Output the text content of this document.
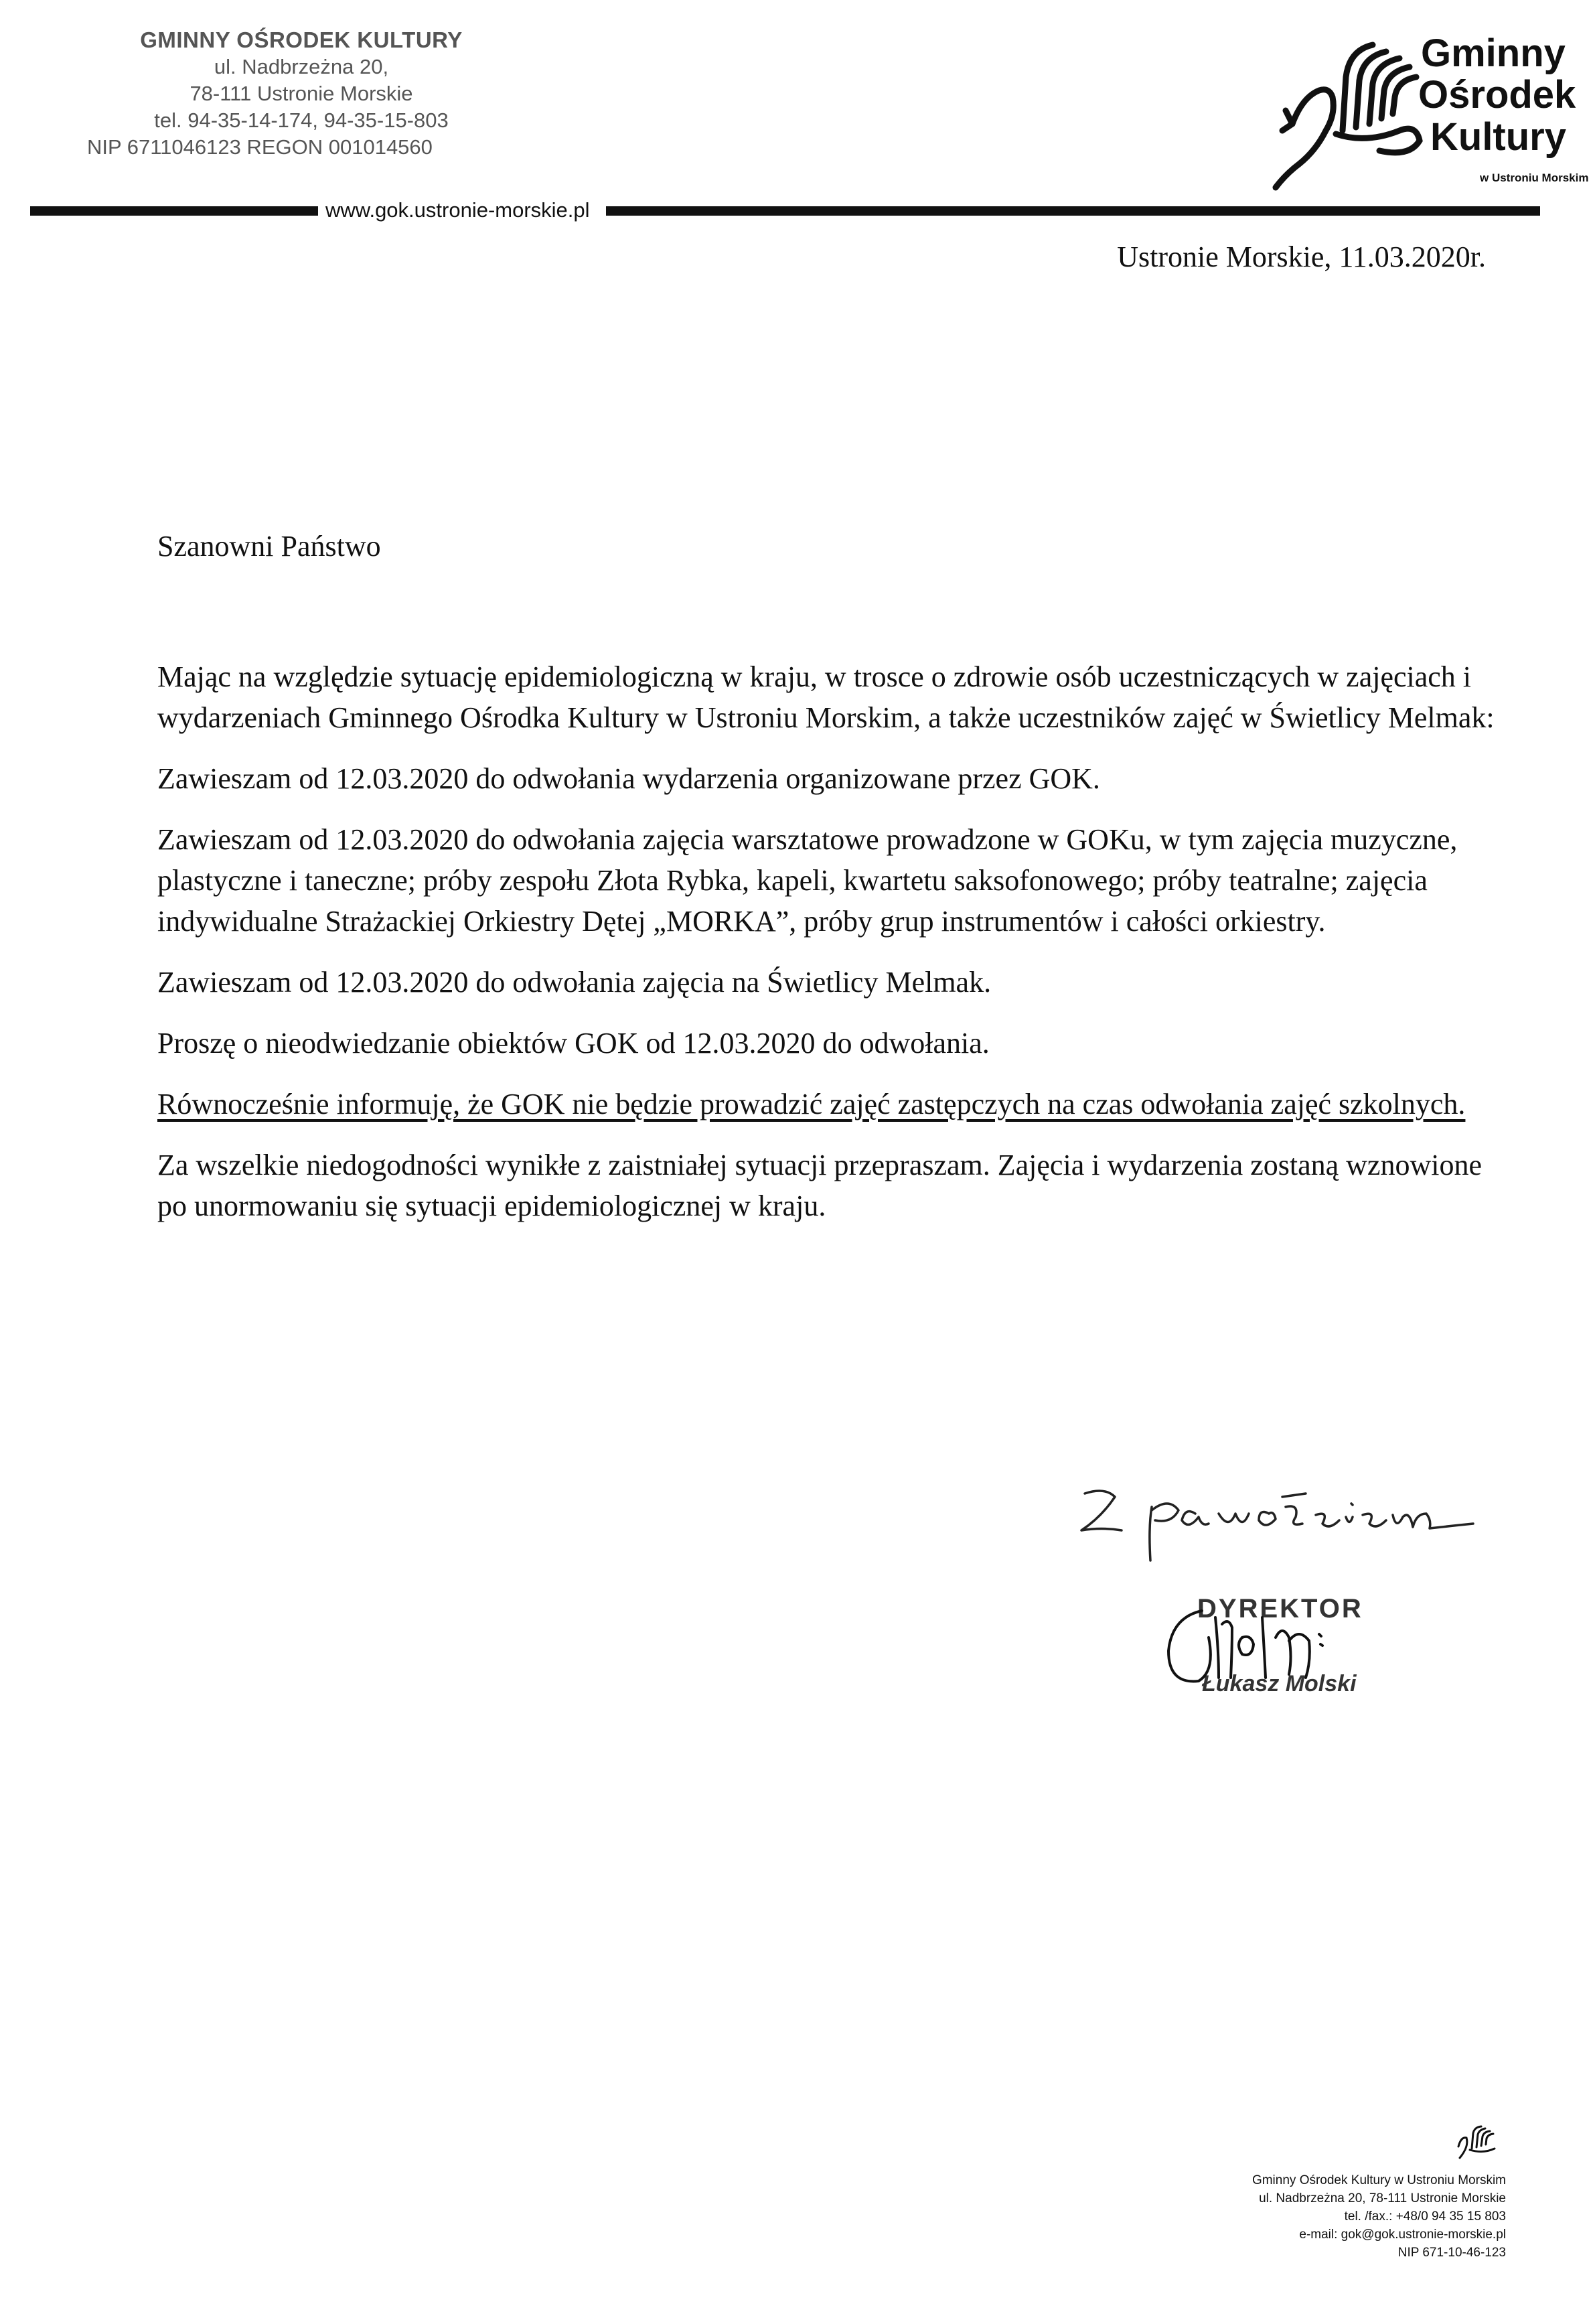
GMINNY OŚRODEK KULTURY
ul. Nadbrzeżna 20,
78-111 Ustronie Morskie
tel. 94-35-14-174, 94-35-15-803
NIP 6711046123 REGON 001014560
Gminny
Ośrodek
Kultury
w Ustroniu Morskim
www.gok.ustronie-morskie.pl
Ustronie Morskie, 11.03.2020r.
Szanowni Państwo

Mając na względzie sytuację epidemiologiczną w kraju, w trosce o zdrowie osób uczestniczących w zajęciach i wydarzeniach Gminnego Ośrodka Kultury w Ustroniu Morskim, a także uczestników zajęć w Świetlicy Melmak:

Zawieszam od 12.03.2020 do odwołania wydarzenia organizowane przez GOK.

Zawieszam od 12.03.2020 do odwołania zajęcia warsztatowe prowadzone w GOKu, w tym zajęcia muzyczne, plastyczne i taneczne; próby zespołu Złota Rybka, kapeli, kwartetu saksofonowego; próby teatralne; zajęcia indywidualne Strażackiej Orkiestry Dętej „MORKA”, próby grup instrumentów i całości orkiestry.

Zawieszam od 12.03.2020 do odwołania zajęcia na Świetlicy Melmak.

Proszę o nieodwiedzanie obiektów GOK od 12.03.2020 do odwołania.

Równocześnie informuję, że GOK nie będzie prowadzić zajęć zastępczych na czas odwołania zajęć szkolnych.

Za wszelkie niedogodności wynikłe z zaistniałej sytuacji przepraszam. Zajęcia i wydarzenia zostaną wznowione po unormowaniu się sytuacji epidemiologicznej w kraju.

DYREKTOR
Łukasz Molski
Gminny Ośrodek Kultury w Ustroniu Morskim
ul. Nadbrzeżna 20, 78-111 Ustronie Morskie
tel. /fax.: +48/0 94 35 15 803
e-mail: gok@gok.ustronie-morskie.pl
NIP 671-10-46-123
